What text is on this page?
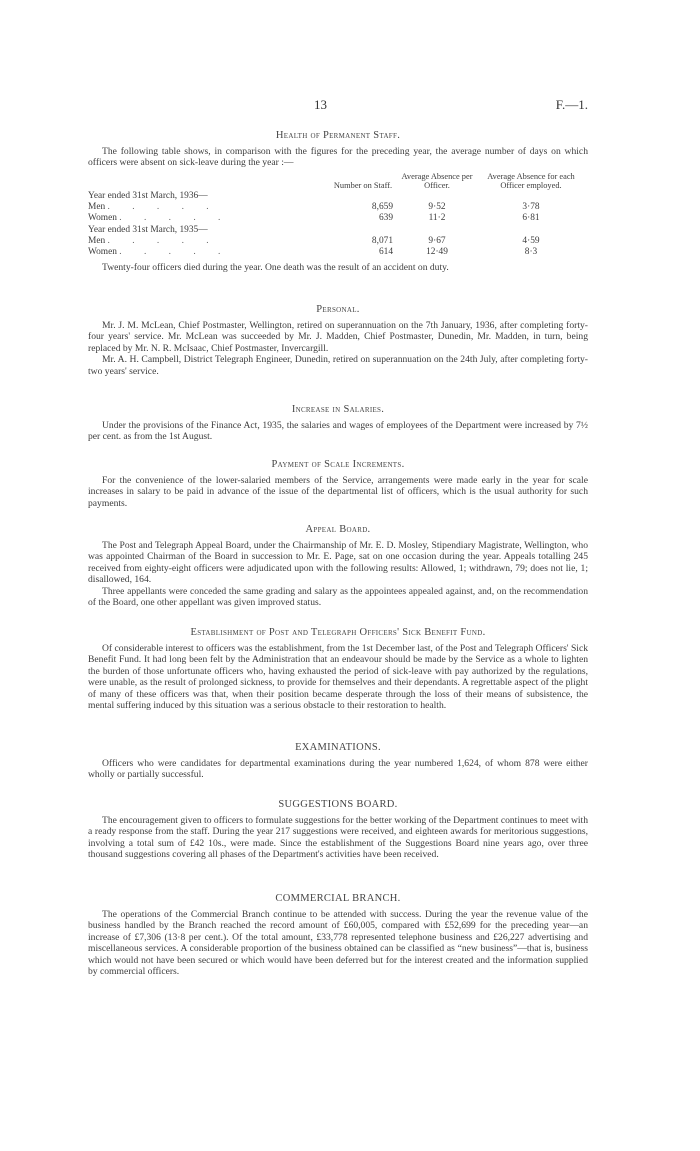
13	F.—1.
Health of Permanent Staff.

The following table shows, in comparison with the figures for the preceding year, the average number of days on which officers were absent on sick-leave during the year :—

	Number on Staff.	Average Absence per Officer.	Average Absence for each Officer employed.
Year ended 31st March, 1936—			
Men . . . . .	8,659	9·52	3·78
Women . . . . .	639	11·2	6·81
Year ended 31st March, 1935—			
Men . . . . .	8,071	9·67	4·59
Women . . . . .	614	12·49	8·3

Twenty-four officers died during the year. One death was the result of an accident on duty.

Personal.

Mr. J. M. McLean, Chief Postmaster, Wellington, retired on superannuation on the 7th January, 1936, after completing forty-four years' service. Mr. McLean was succeeded by Mr. J. Madden, Chief Postmaster, Dunedin, Mr. Madden, in turn, being replaced by Mr. N. R. McIsaac, Chief Postmaster, Invercargill.

Mr. A. H. Campbell, District Telegraph Engineer, Dunedin, retired on superannuation on the 24th July, after completing forty-two years' service.

Increase in Salaries.

Under the provisions of the Finance Act, 1935, the salaries and wages of employees of the Department were increased by 7½ per cent. as from the 1st August.

Payment of Scale Increments.

For the convenience of the lower-salaried members of the Service, arrangements were made early in the year for scale increases in salary to be paid in advance of the issue of the departmental list of officers, which is the usual authority for such payments.

Appeal Board.

The Post and Telegraph Appeal Board, under the Chairmanship of Mr. E. D. Mosley, Stipendiary Magistrate, Wellington, who was appointed Chairman of the Board in succession to Mr. E. Page, sat on one occasion during the year. Appeals totalling 245 received from eighty-eight officers were adjudicated upon with the following results: Allowed, 1; withdrawn, 79; does not lie, 1; disallowed, 164.

Three appellants were conceded the same grading and salary as the appointees appealed against, and, on the recommendation of the Board, one other appellant was given improved status.

Establishment of Post and Telegraph Officers' Sick Benefit Fund.

Of considerable interest to officers was the establishment, from the 1st December last, of the Post and Telegraph Officers' Sick Benefit Fund. It had long been felt by the Administration that an endeavour should be made by the Service as a whole to lighten the burden of those unfortunate officers who, having exhausted the period of sick-leave with pay authorized by the regulations, were unable, as the result of prolonged sickness, to provide for themselves and their dependants. A regrettable aspect of the plight of many of these officers was that, when their position became desperate through the loss of their means of subsistence, the mental suffering induced by this situation was a serious obstacle to their restoration to health.

EXAMINATIONS.

Officers who were candidates for departmental examinations during the year numbered 1,624, of whom 878 were either wholly or partially successful.

SUGGESTIONS BOARD.

The encouragement given to officers to formulate suggestions for the better working of the Department continues to meet with a ready response from the staff. During the year 217 suggestions were received, and eighteen awards for meritorious suggestions, involving a total sum of £42 10s., were made. Since the establishment of the Suggestions Board nine years ago, over three thousand suggestions covering all phases of the Department's activities have been received.

COMMERCIAL BRANCH.

The operations of the Commercial Branch continue to be attended with success. During the year the revenue value of the business handled by the Branch reached the record amount of £60,005, compared with £52,699 for the preceding year—an increase of £7,306 (13·8 per cent.). Of the total amount, £33,778 represented telephone business and £26,227 advertising and miscellaneous services. A considerable proportion of the business obtained can be classified as “new business”—that is, business which would not have been secured or which would have been deferred but for the interest created and the information supplied by commercial officers.
